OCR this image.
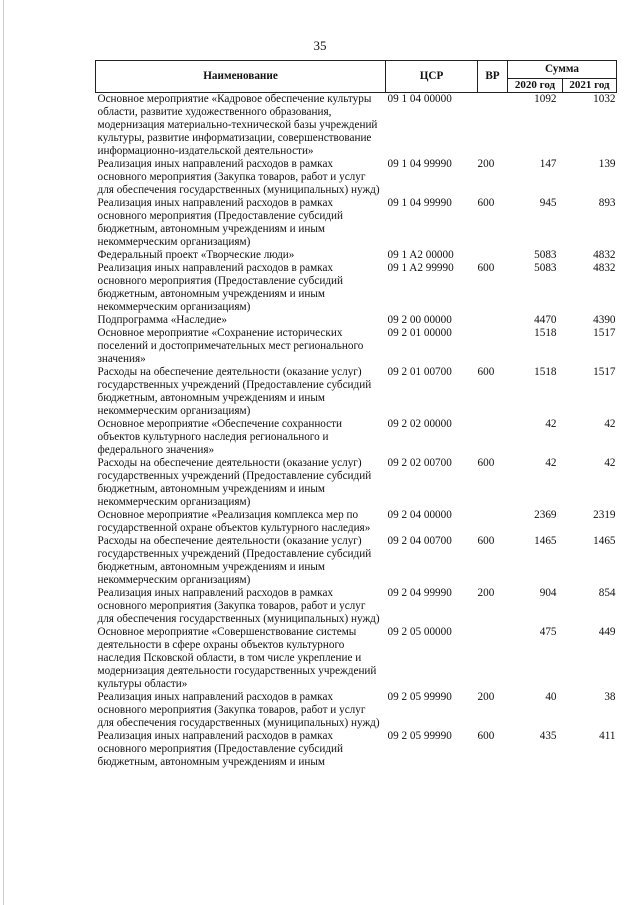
35
Наименование	ЦСР	ВР	Сумма	
			2020 год	2021 год
Основное мероприятие «Кадровое обеспечение культуры области, развитие художественного образования, модернизация материально-технической базы учреждений культуры, развитие информатизации, совершенствование информационно-издательской деятельности»	09 1 04 00000		1092	1032
Реализация иных направлений расходов в рамках основного мероприятия (Закупка товаров, работ и услуг для обеспечения государственных (муниципальных) нужд)	09 1 04 99990	200	147	139
Реализация иных направлений расходов в рамках основного мероприятия (Предоставление субсидий бюджетным, автономным учреждениям и иным некоммерческим организациям)	09 1 04 99990	600	945	893
Федеральный проект «Творческие люди»	09 1 A2 00000		5083	4832
Реализация иных направлений расходов в рамках основного мероприятия (Предоставление субсидий бюджетным, автономным учреждениям и иным некоммерческим организациям)	09 1 A2 99990	600	5083	4832
Подпрограмма «Наследие»	09 2 00 00000		4470	4390
Основное мероприятие «Сохранение исторических поселений и достопримечательных мест регионального значения»	09 2 01 00000		1518	1517
Расходы на обеспечение деятельности (оказание услуг) государственных учреждений (Предоставление субсидий бюджетным, автономным учреждениям и иным некоммерческим организациям)	09 2 01 00700	600	1518	1517
Основное мероприятие «Обеспечение сохранности объектов культурного наследия регионального и федерального значения»	09 2 02 00000		42	42
Расходы на обеспечение деятельности (оказание услуг) государственных учреждений (Предоставление субсидий бюджетным, автономным учреждениям и иным некоммерческим организациям)	09 2 02 00700	600	42	42
Основное мероприятие «Реализация комплекса мер по государственной охране объектов культурного наследия»	09 2 04 00000		2369	2319
Расходы на обеспечение деятельности (оказание услуг) государственных учреждений (Предоставление субсидий бюджетным, автономным учреждениям и иным некоммерческим организациям)	09 2 04 00700	600	1465	1465
Реализация иных направлений расходов в рамках основного мероприятия (Закупка товаров, работ и услуг для обеспечения государственных (муниципальных) нужд)	09 2 04 99990	200	904	854
Основное мероприятие «Совершенствование системы деятельности в сфере охраны объектов культурного наследия Псковской области, в том числе укрепление и модернизация деятельности государственных учреждений культуры области»	09 2 05 00000		475	449
Реализация иных направлений расходов в рамках основного мероприятия (Закупка товаров, работ и услуг для обеспечения государственных (муниципальных) нужд)	09 2 05 99990	200	40	38
Реализация иных направлений расходов в рамках основного мероприятия (Предоставление субсидий бюджетным, автономным учреждениям и иным	09 2 05 99990	600	435	411
